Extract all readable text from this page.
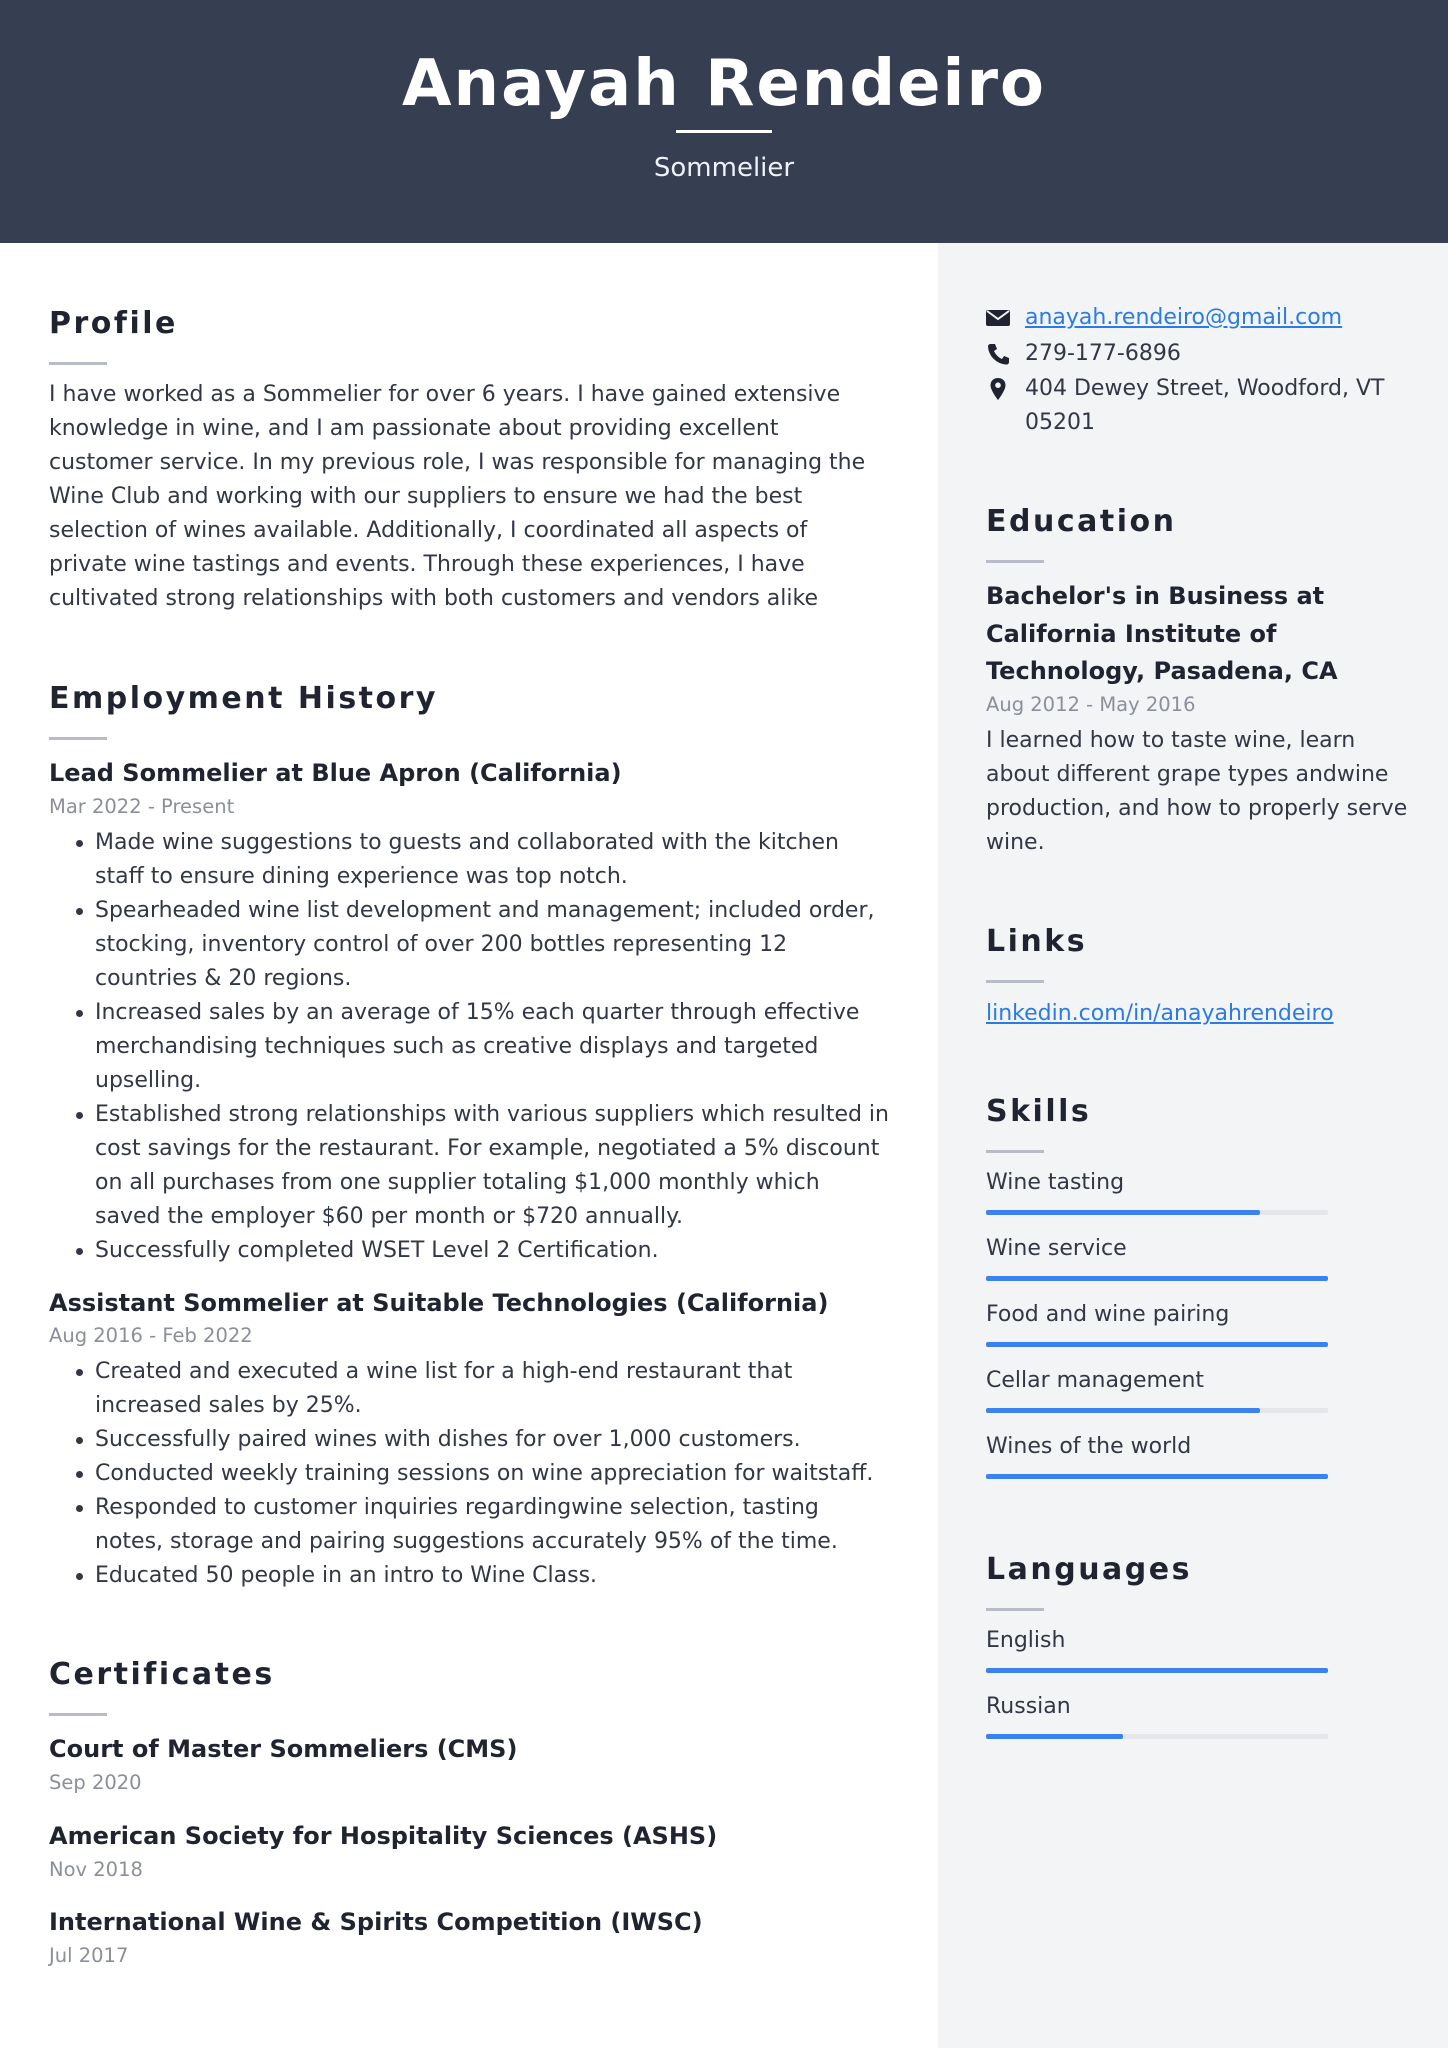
Anayah Rendeiro
Sommelier
Profile
I have worked as a Sommelier for over 6 years. I have gained extensive knowledge in wine, and I am passionate about providing excellent customer service. In my previous role, I was responsible for managing the Wine Club and working with our suppliers to ensure we had the best selection of wines available. Additionally, I coordinated all aspects of private wine tastings and events. Through these experiences, I have cultivated strong relationships with both customers and vendors alike
Employment History
Lead Sommelier at Blue Apron (California)
Mar 2022 - Present
Made wine suggestions to guests and collaborated with the kitchen staff to ensure dining experience was top notch.
Spearheaded wine list development and management; included order, stocking, inventory control of over 200 bottles representing 12 countries & 20 regions.
Increased sales by an average of 15% each quarter through effective merchandising techniques such as creative displays and targeted upselling.
Established strong relationships with various suppliers which resulted in cost savings for the restaurant. For example, negotiated a 5% discount on all purchases from one supplier totaling $1,000 monthly which saved the employer $60 per month or $720 annually.
Successfully completed WSET Level 2 Certification.
Assistant Sommelier at Suitable Technologies (California)
Aug 2016 - Feb 2022
Created and executed a wine list for a high-end restaurant that increased sales by 25%.
Successfully paired wines with dishes for over 1,000 customers.
Conducted weekly training sessions on wine appreciation for waitstaff.
Responded to customer inquiries regardingwine selection, tasting notes, storage and pairing suggestions accurately 95% of the time.
Educated 50 people in an intro to Wine Class.
Certificates
Court of Master Sommeliers (CMS)
Sep 2020
American Society for Hospitality Sciences (ASHS)
Nov 2018
International Wine & Spirits Competition (IWSC)
Jul 2017
anayah.rendeiro@gmail.com
279-177-6896
404 Dewey Street, Woodford, VT 05201
Education
Bachelor's in Business at California Institute of Technology, Pasadena, CA
Aug 2012 - May 2016
I learned how to taste wine, learn about different grape types andwine production, and how to properly serve wine.
Links
linkedin.com/in/anayahrendeiro
Skills
Wine tasting
Wine service
Food and wine pairing
Cellar management
Wines of the world
Languages
English
Russian
